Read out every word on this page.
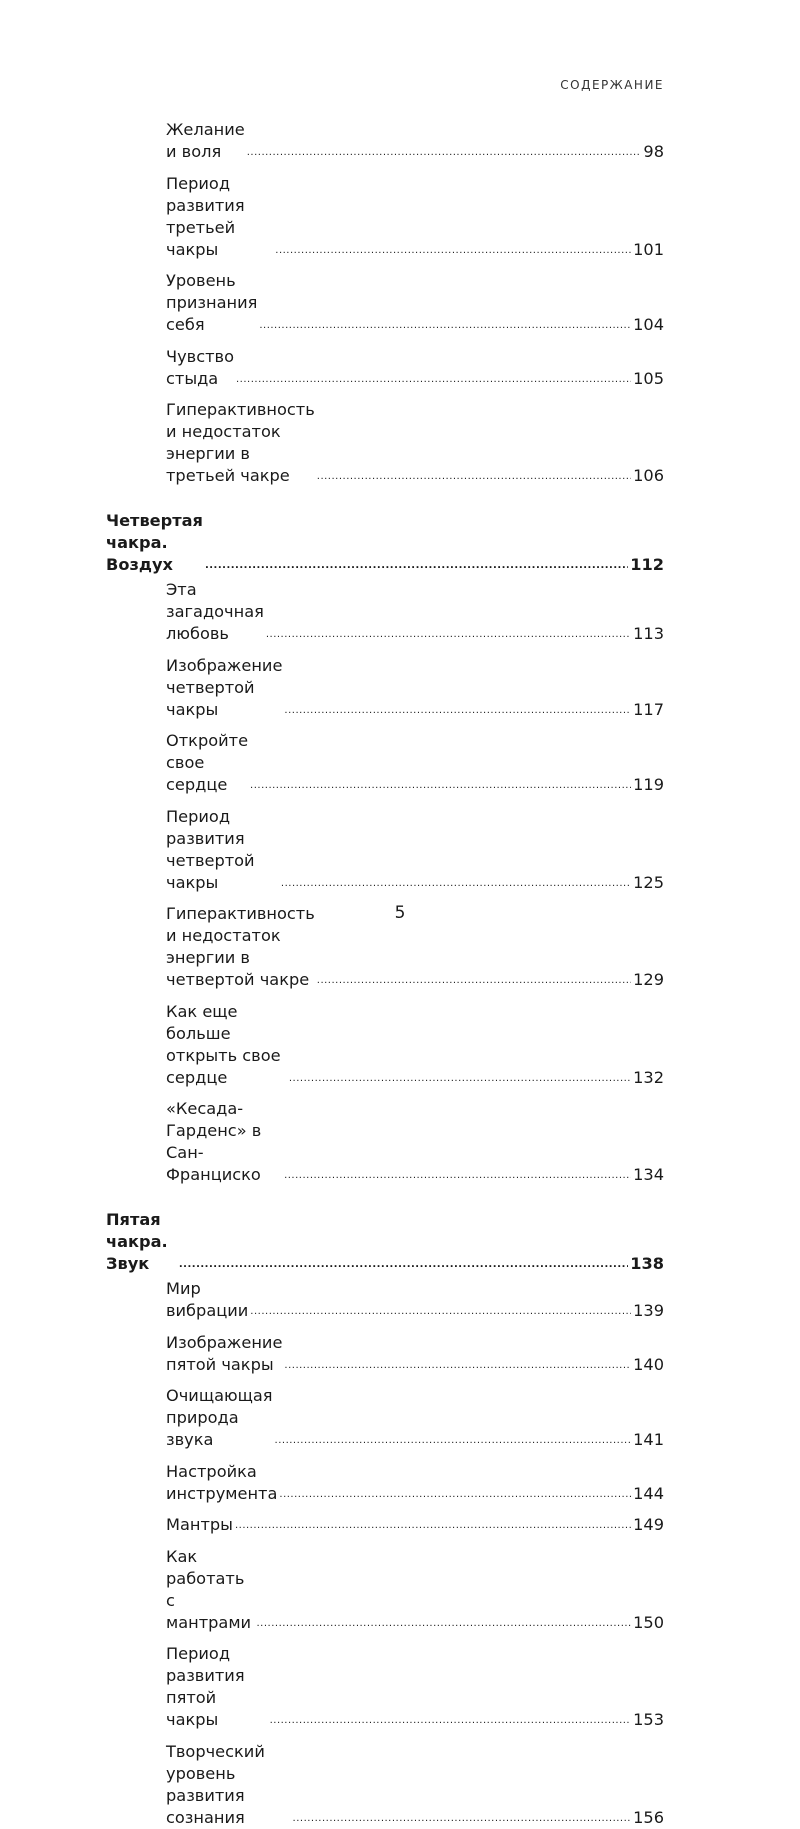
СОДЕРЖАНИЕ
Желание и воля .....	98
Период развития третьей чакры .....	101
Уровень признания себя .....	104
Чувство стыда .....	105
Гиперактивность и недостаток
энергии в третьей чакре .....	106
Четвертая чакра. Воздух .....	112
Эта загадочная любовь .....	113
Изображение четвертой чакры .....	117
Откройте свое сердце .....	119
Период развития четвертой чакры .....	125
Гиперактивность и недостаток
энергии в четвертой чакре .....	129
Как еще больше открыть свое сердце .....	132
«Кесада-Гарденс» в Сан-Франциско .....	134
Пятая чакра. Звук .....	138
Мир вибрации .....	139
Изображение пятой чакры .....	140
Очищающая природа звука .....	141
Настройка инструмента .....	144
Мантры .....	149
Как работать с мантрами .....	150
Период развития пятой чакры .....	153
Творческий уровень развития сознания .....	156
5
